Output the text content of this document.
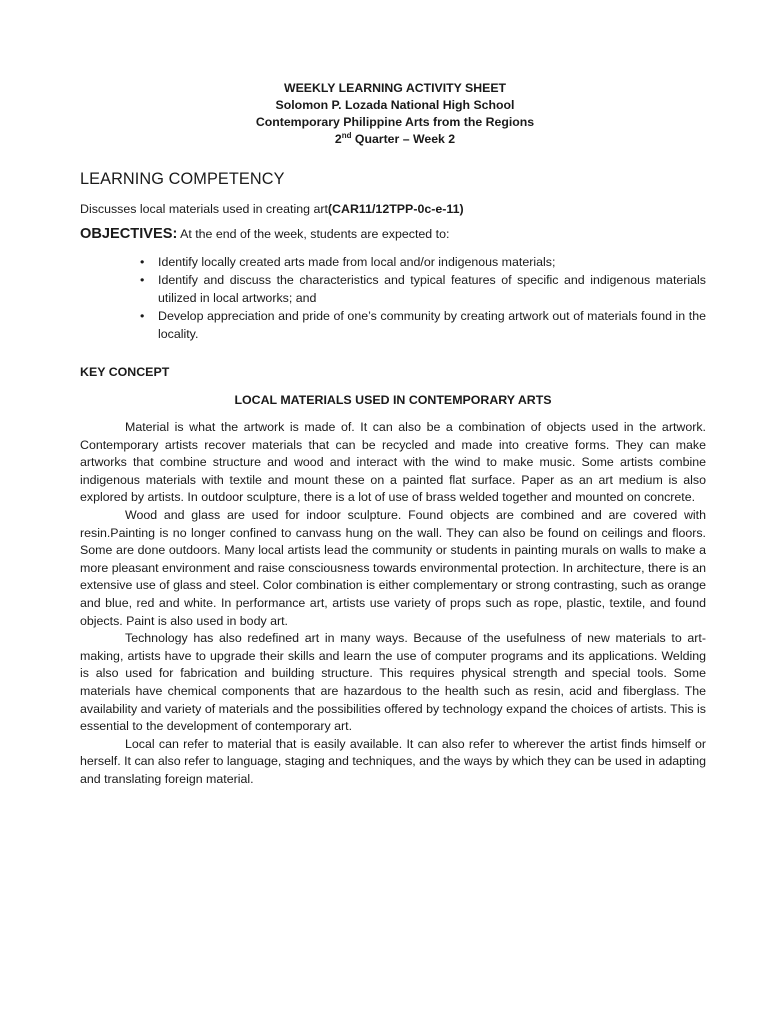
WEEKLY LEARNING ACTIVITY SHEET
Solomon P. Lozada National High School
Contemporary Philippine Arts from the Regions
2nd Quarter – Week 2
LEARNING COMPETENCY
Discusses local materials used in creating art(CAR11/12TPP-0c-e-11)
OBJECTIVES: At the end of the week, students are expected to:
• Identify locally created arts made from local and/or indigenous materials;
• Identify and discuss the characteristics and typical features of specific and indigenous materials utilized in local artworks; and
• Develop appreciation and pride of one’s community by creating artwork out of materials found in the locality.
KEY CONCEPT
LOCAL MATERIALS USED IN CONTEMPORARY ARTS

Material is what the artwork is made of. It can also be a combination of objects used in the artwork. Contemporary artists recover materials that can be recycled and made into creative forms. They can make artworks that combine structure and wood and interact with the wind to make music. Some artists combine indigenous materials with textile and mount these on a painted flat surface. Paper as an art medium is also explored by artists. In outdoor sculpture, there is a lot of use of brass welded together and mounted on concrete.

Wood and glass are used for indoor sculpture. Found objects are combined and are covered with resin.Painting is no longer confined to canvass hung on the wall. They can also be found on ceilings and floors. Some are done outdoors. Many local artists lead the community or students in painting murals on walls to make a more pleasant environment and raise consciousness towards environmental protection. In architecture, there is an extensive use of glass and steel. Color combination is either complementary or strong contrasting, such as orange and blue, red and white. In performance art, artists use variety of props such as rope, plastic, textile, and found objects. Paint is also used in body art.

Technology has also redefined art in many ways. Because of the usefulness of new materials to art-making, artists have to upgrade their skills and learn the use of computer programs and its applications. Welding is also used for fabrication and building structure. This requires physical strength and special tools. Some materials have chemical components that are hazardous to the health such as resin, acid and fiberglass. The availability and variety of materials and the possibilities offered by technology expand the choices of artists. This is essential to the development of contemporary art.

Local can refer to material that is easily available. It can also refer to wherever the artist finds himself or herself. It can also refer to language, staging and techniques, and the ways by which they can be used in adapting and translating foreign material.
